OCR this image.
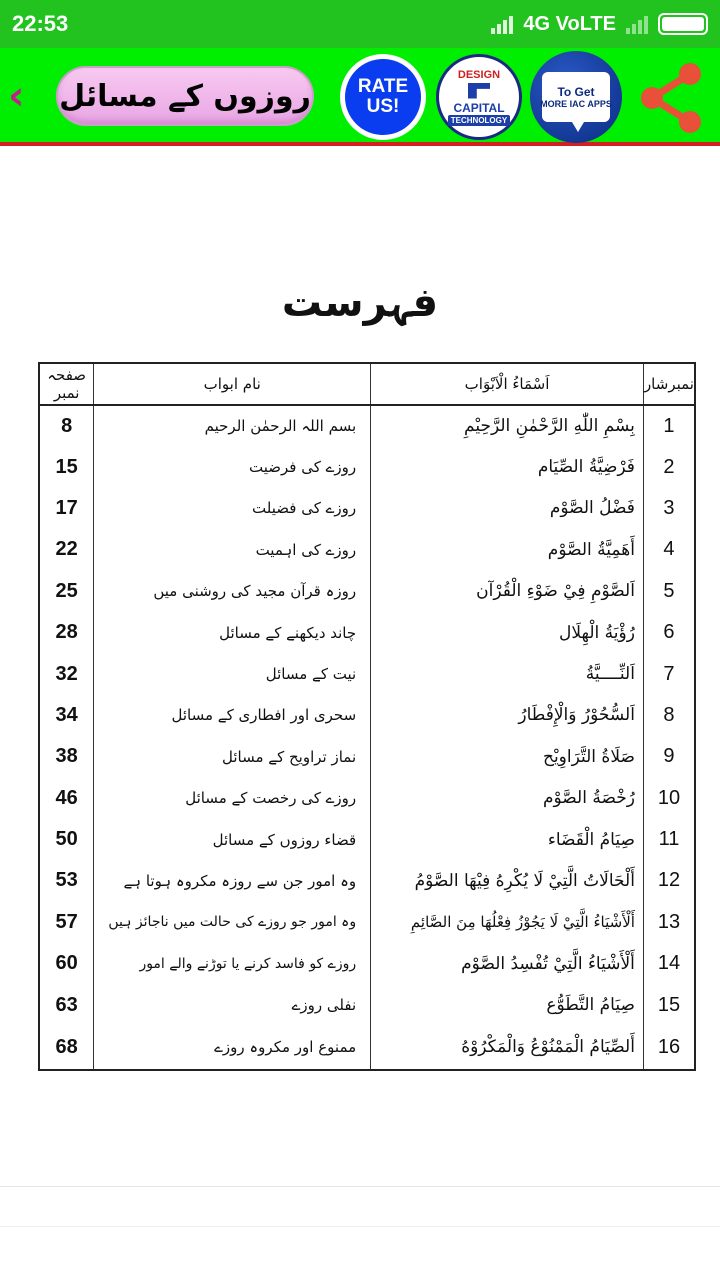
22:53	4G VoLTE
‹	روزوں کے مسائل RATE
US!
DESIGN
CAPITAL
TECHNOLOGY
To Get
MORE IAC APPS
فہرست
صفحہ نمبر	نام ابواب	اَسْمَاءُ الْاَبْوَاب	نمبرشار
8	بسم اللہ الرحمٰن الرحیم	بِسْمِ اللّٰهِ الرَّحْمٰنِ الرَّحِيْمِ	1
15	روزے کی فرضیت	فَرْضِيَّةُ الصِّيَام	2
17	روزے کی فضیلت	فَضْلُ الصَّوْم	3
22	روزے کی اہمیت	أَهَمِيَّةُ الصَّوْم	4
25	روزہ قرآن مجید کی روشنی میں	اَلصَّوْمِ فِيْ ضَوْءِ الْقُرْآن	5
28	چاند دیکھنے کے مسائل	رُؤْيَةُ الْهِلَال	6
32	نیت کے مسائل	اَلنِّــــيَّةُ	7
34	سحری اور افطاری کے مسائل	اَلسُّحُوْرُ وَالْإِفْطَارُ	8
38	نماز تراویح کے مسائل	صَلَاةُ التَّرَاوِيْح	9
46	روزے کی رخصت کے مسائل	رُخْصَةُ الصَّوْم	10
50	قضاء روزوں کے مسائل	صِيَامُ الْقَضَاء	11
53	وہ امور جن سے روزہ مکروہ ہوتا ہے	أَلْحَالَاتُ الَّتِيْ لَا يُكْرِهُ فِيْهَا الصَّوْمُ	12
57	وہ امور جو روزے کی حالت میں ناجائز ہیں	أَلْأَشْيَاءُ الَّتِيْ لَا يَجُوْزُ فِعْلُهَا مِنَ الصَّائِمِ	13
60	روزے کو فاسد کرنے یا توڑنے والے امور	أَلْأَشْيَاءُ الَّتِيْ تُفْسِدُ الصَّوْم	14
63	نفلی روزے	صِيَامُ التَّطَوُّع	15
68	ممنوع اور مکروہ روزے	أَلصِّيَامُ الْمَمْنُوْعُ وَالْمَكْرُوْهُ	16
